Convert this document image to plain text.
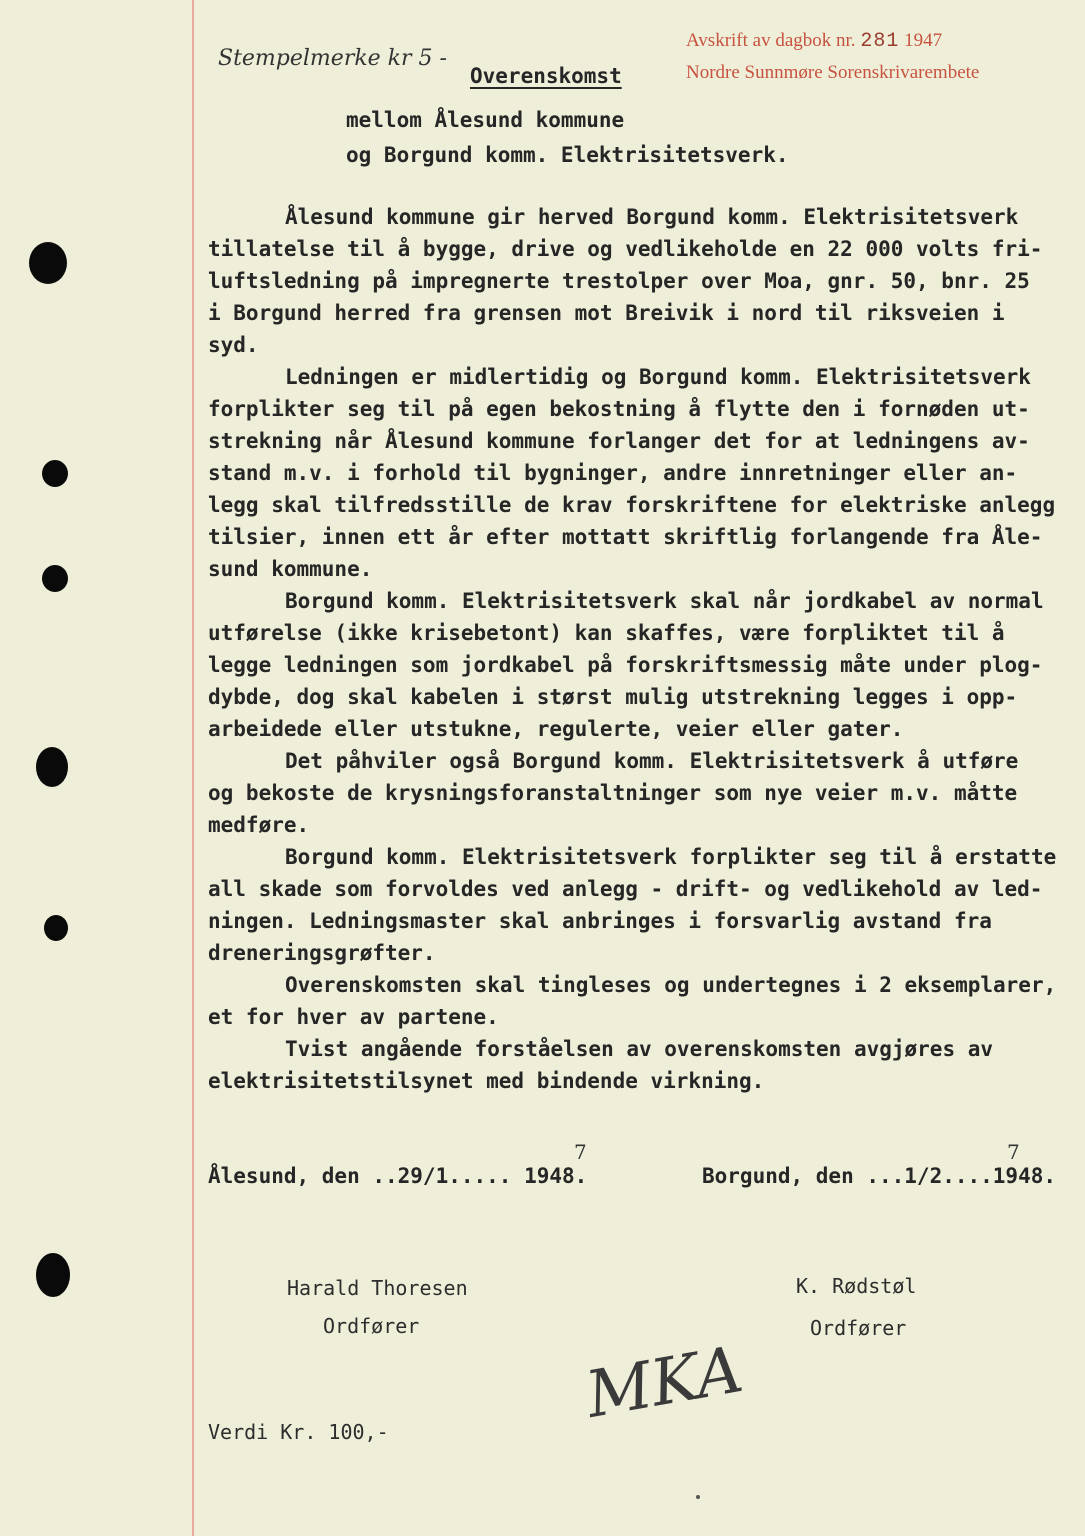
Stempelmerke kr 5 -
Avskrift av dagbok nr. 281 1947
Nordre Sunnmøre Sorenskrivarembete
Overenskomst
mellom Ålesund kommune
og Borgund komm. Elektrisitetsverk.
Ålesund kommune gir herved Borgund komm. Elektrisitetsverk
tillatelse til å bygge, drive og vedlikeholde en 22 000 volts fri-
luftsledning på impregnerte trestolper over Moa, gnr. 50, bnr. 25
i Borgund herred fra grensen mot Breivik i nord til riksveien i
syd.
Ledningen er midlertidig og Borgund komm. Elektrisitetsverk
forplikter seg til på egen bekostning å flytte den i fornøden ut-
strekning når Ålesund kommune forlanger det for at ledningens av-
stand m.v. i forhold til bygninger, andre innretninger eller an-
legg skal tilfredsstille de krav forskriftene for elektriske anlegg
tilsier, innen ett år efter mottatt skriftlig forlangende fra Åle-
sund kommune.
Borgund komm. Elektrisitetsverk skal når jordkabel av normal
utførelse (ikke krisebetont) kan skaffes, være forpliktet til å
legge ledningen som jordkabel på forskriftsmessig måte under plog-
dybde, dog skal kabelen i størst mulig utstrekning legges i opp-
arbeidede eller utstukne, regulerte, veier eller gater.
Det påhviler også Borgund komm. Elektrisitetsverk å utføre
og bekoste de krysningsforanstaltninger som nye veier m.v. måtte
medføre.
Borgund komm. Elektrisitetsverk forplikter seg til å erstatte
all skade som forvoldes ved anlegg - drift- og vedlikehold av led-
ningen. Ledningsmaster skal anbringes i forsvarlig avstand fra
dreneringsgrøfter.
Overenskomsten skal tingleses og undertegnes i 2 eksemplarer,
et for hver av partene.
Tvist angående forståelsen av overenskomsten avgjøres av
elektrisitetstilsynet med bindende virkning.
7
Ålesund, den ..29/1..... 1948.
7
Borgund, den ...1/2....1948.
Harald Thoresen
Ordfører
K. Rødstøl
Ordfører
MKA
Verdi Kr. 100,-
